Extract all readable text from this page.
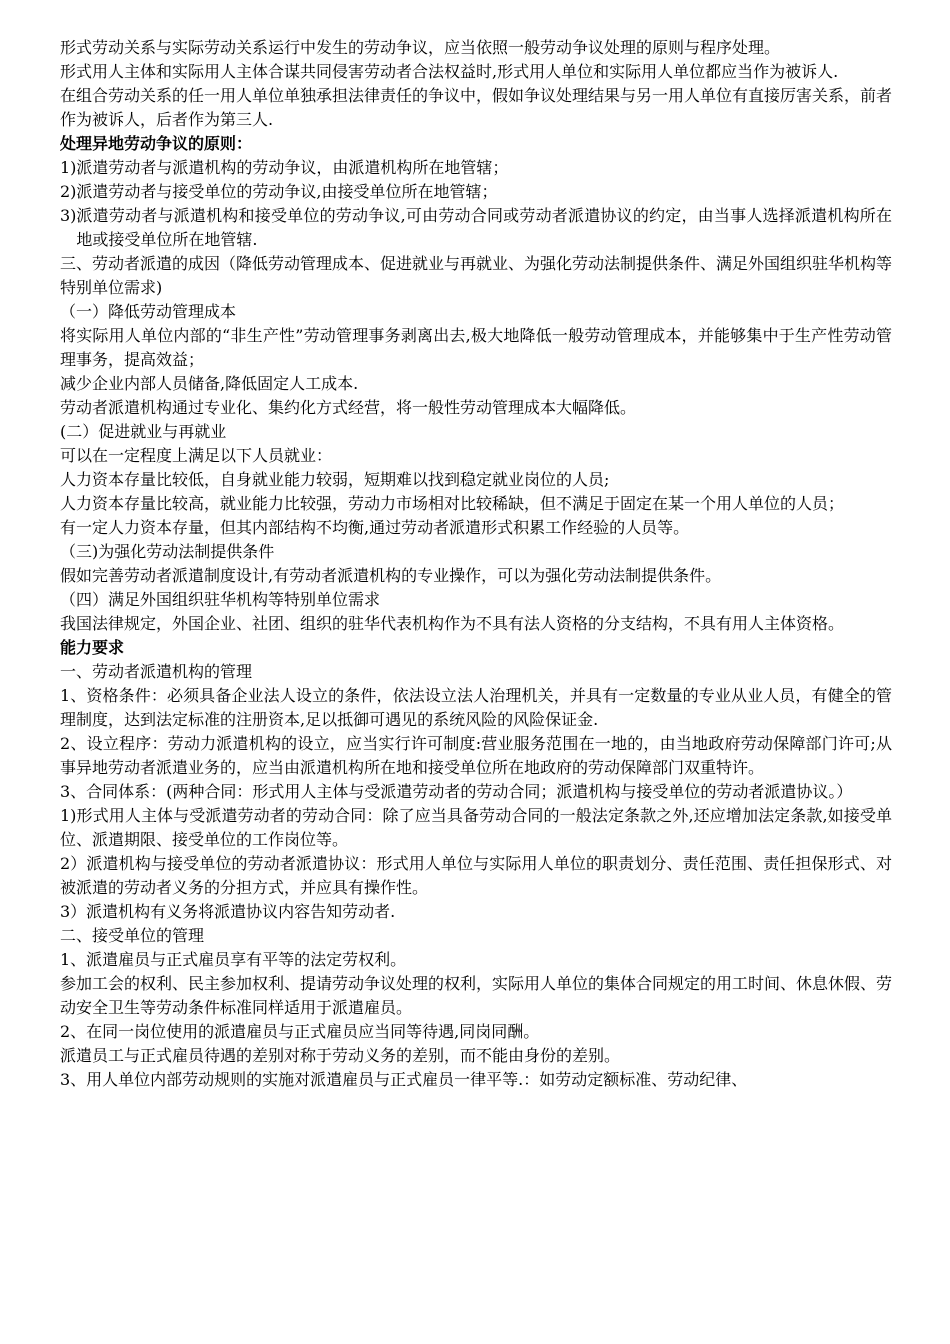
形式劳动关系与实际劳动关系运行中发生的劳动争议，应当依照一般劳动争议处理的原则与程序处理。

形式用人主体和实际用人主体合谋共同侵害劳动者合法权益时,形式用人单位和实际用人单位都应当作为被诉人.

在组合劳动关系的任一用人单位单独承担法律责任的争议中，假如争议处理结果与另一用人单位有直接厉害关系，前者作为被诉人，后者作为第三人.

处理异地劳动争议的原则：

1) 派遣劳动者与派遣机构的劳动争议，由派遣机构所在地管辖；
2) 派遣劳动者与接受单位的劳动争议,由接受单位所在地管辖；
3) 派遣劳动者与派遣机构和接受单位的劳动争议,可由劳动合同或劳动者派遣协议的约定，由当事人选择派遣机构所在地或接受单位所在地管辖.

三、劳动者派遣的成因（降低劳动管理成本、促进就业与再就业、为强化劳动法制提供条件、满足外国组织驻华机构等特别单位需求)

（一）降低劳动管理成本

将实际用人单位内部的“非生产性”劳动管理事务剥离出去,极大地降低一般劳动管理成本，并能够集中于生产性劳动管理事务，提高效益；

减少企业内部人员储备,降低固定人工成本.

劳动者派遣机构通过专业化、集约化方式经营，将一般性劳动管理成本大幅降低。

(二）促进就业与再就业

可以在一定程度上满足以下人员就业：

人力资本存量比较低，自身就业能力较弱，短期难以找到稳定就业岗位的人员;

人力资本存量比较高，就业能力比较强，劳动力市场相对比较稀缺，但不满足于固定在某一个用人单位的人员；

有一定人力资本存量，但其内部结构不均衡,通过劳动者派遣形式积累工作经验的人员等。

（三)为强化劳动法制提供条件

假如完善劳动者派遣制度设计,有劳动者派遣机构的专业操作，可以为强化劳动法制提供条件。

（四）满足外国组织驻华机构等特别单位需求

我国法律规定，外国企业、社团、组织的驻华代表机构作为不具有法人资格的分支结构，不具有用人主体资格。

能力要求

一、劳动者派遣机构的管理

1、资格条件：必须具备企业法人设立的条件，依法设立法人治理机关，并具有一定数量的专业从业人员，有健全的管理制度，达到法定标准的注册资本,足以抵御可遇见的系统风险的风险保证金.

2、设立程序：劳动力派遣机构的设立，应当实行许可制度:营业服务范围在一地的，由当地政府劳动保障部门许可;从事异地劳动者派遣业务的，应当由派遣机构所在地和接受单位所在地政府的劳动保障部门双重特许。

3、合同体系：(两种合同：形式用人主体与受派遣劳动者的劳动合同；派遣机构与接受单位的劳动者派遣协议。）

1)形式用人主体与受派遣劳动者的劳动合同：除了应当具备劳动合同的一般法定条款之外,还应增加法定条款,如接受单位、派遣期限、接受单位的工作岗位等。

2）派遣机构与接受单位的劳动者派遣协议：形式用人单位与实际用人单位的职责划分、责任范围、责任担保形式、对被派遣的劳动者义务的分担方式，并应具有操作性。

3）派遣机构有义务将派遣协议内容告知劳动者.

二、接受单位的管理

1、派遣雇员与正式雇员享有平等的法定劳权利。

参加工会的权利、民主参加权利、提请劳动争议处理的权利，实际用人单位的集体合同规定的用工时间、休息休假、劳动安全卫生等劳动条件标准同样适用于派遣雇员。

2、在同一岗位使用的派遣雇员与正式雇员应当同等待遇,同岗同酬。

派遣员工与正式雇员待遇的差别对称于劳动义务的差别，而不能由身份的差别。

3、用人单位内部劳动规则的实施对派遣雇员与正式雇员一律平等.：如劳动定额标准、劳动纪律、
